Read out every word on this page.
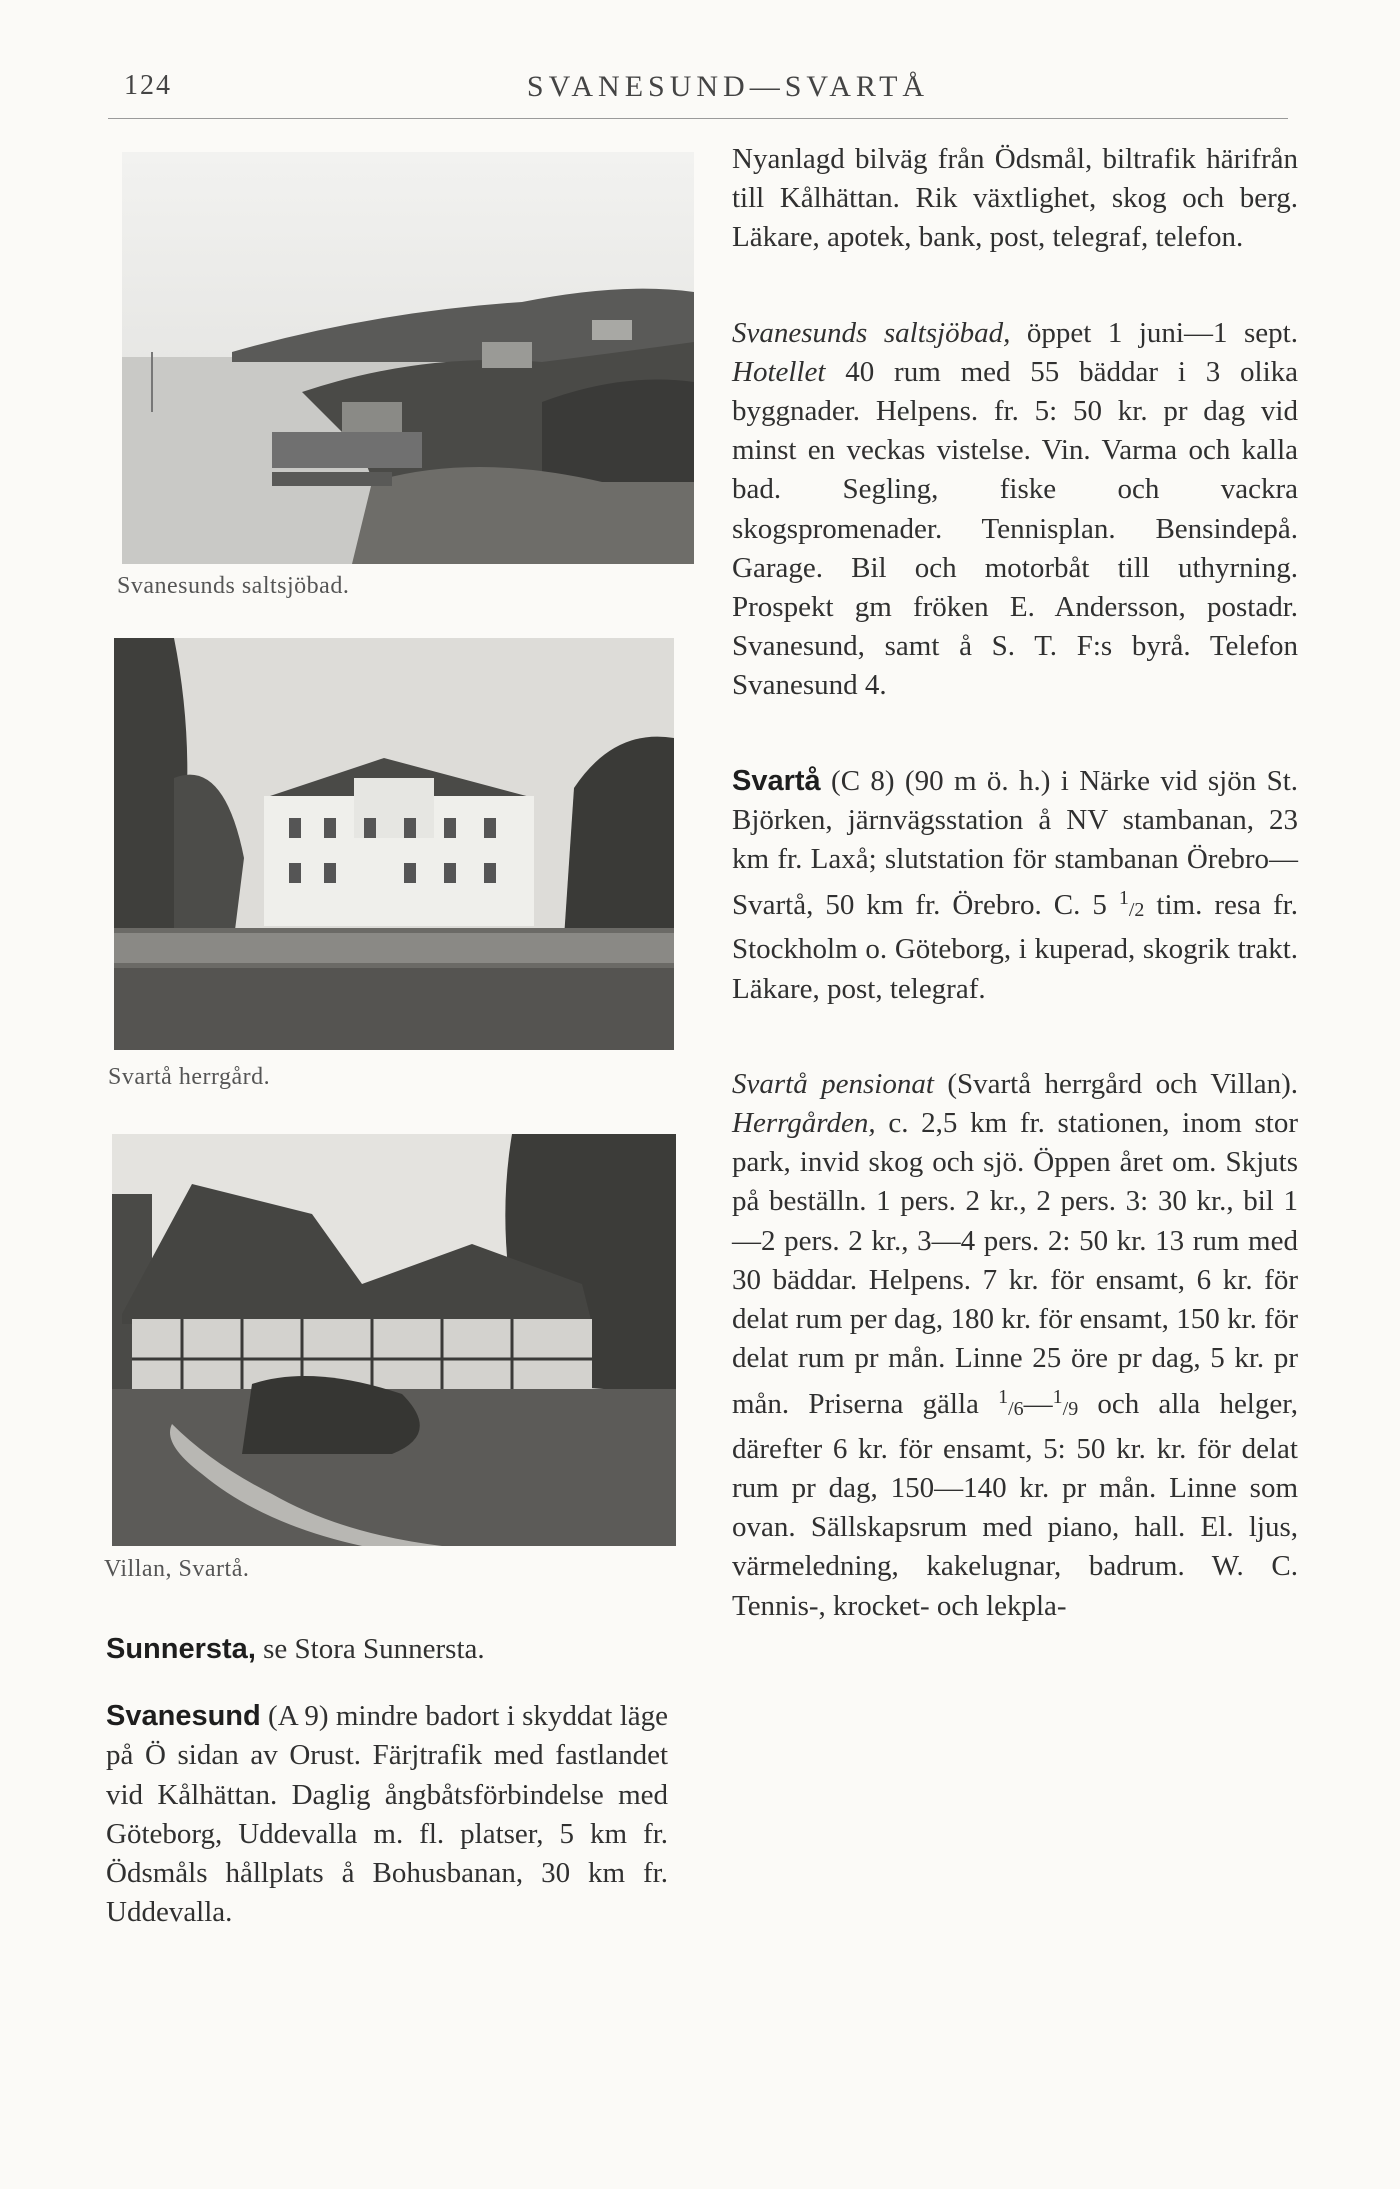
124	SVANESUND—SVARTÅ
Svanesunds saltsjöbad.
Svartå herrgård.
Villan, Svartå.

Sunnersta, se Stora Sunnersta.

Svanesund (A 9) mindre badort i skyddat läge på Ö sidan av Orust. Färjtrafik med fastlandet vid Kålhättan. Daglig ångbåtsförbindelse med Göteborg, Uddevalla m. fl. platser, 5 km fr. Ödsmåls hållplats å Bohusbanan, 30 km fr. Uddevalla.

Nyanlagd bilväg från Ödsmål, biltrafik härifrån till Kålhättan. Rik växtlighet, skog och berg. Läkare, apotek, bank, post, telegraf, telefon.

Svanesunds saltsjöbad, öppet 1 juni—1 sept. Hotellet 40 rum med 55 bäddar i 3 olika byggnader. Helpens. fr. 5: 50 kr. pr dag vid minst en veckas vistelse. Vin. Varma och kalla bad. Segling, fiske och vackra skogspromenader. Tennisplan. Bensindepå. Garage. Bil och motorbåt till uthyrning. Prospekt gm fröken E. Andersson, postadr. Svanesund, samt å S. T. F:s byrå. Telefon Svanesund 4.

Svartå (C 8) (90 m ö. h.) i Närke vid sjön St. Björken, järnvägsstation å NV stambanan, 23 km fr. Laxå; slutstation för stambanan Örebro—Svartå, 50 km fr. Örebro. C. 5 $^1$/2 tim. resa fr. Stockholm o. Göteborg, i kuperad, skogrik trakt. Läkare, post, telegraf.

Svartå pensionat (Svartå herrgård och Villan). Herrgården, c. 2,5 km fr. stationen, inom stor park, invid skog och sjö. Öppen året om. Skjuts på beställn. 1 pers. 2 kr., 2 pers. 3: 30 kr., bil 1—2 pers. 2 kr., 3—4 pers. 2: 50 kr. 13 rum med 30 bäddar. Helpens. 7 kr. för ensamt, 6 kr. för delat rum per dag, 180 kr. för ensamt, 150 kr. för delat rum pr mån. Linne 25 öre pr dag, 5 kr. pr mån. Priserna gälla $^1$/6—$^1$/9 och alla helger, därefter 6 kr. för ensamt, 5: 50 kr. kr. för delat rum pr dag, 150—140 kr. pr mån. Linne som ovan. Sällskapsrum med piano, hall. El. ljus, värmeledning, kakelugnar, badrum. W. C. Tennis-, krocket- och lekpla-
